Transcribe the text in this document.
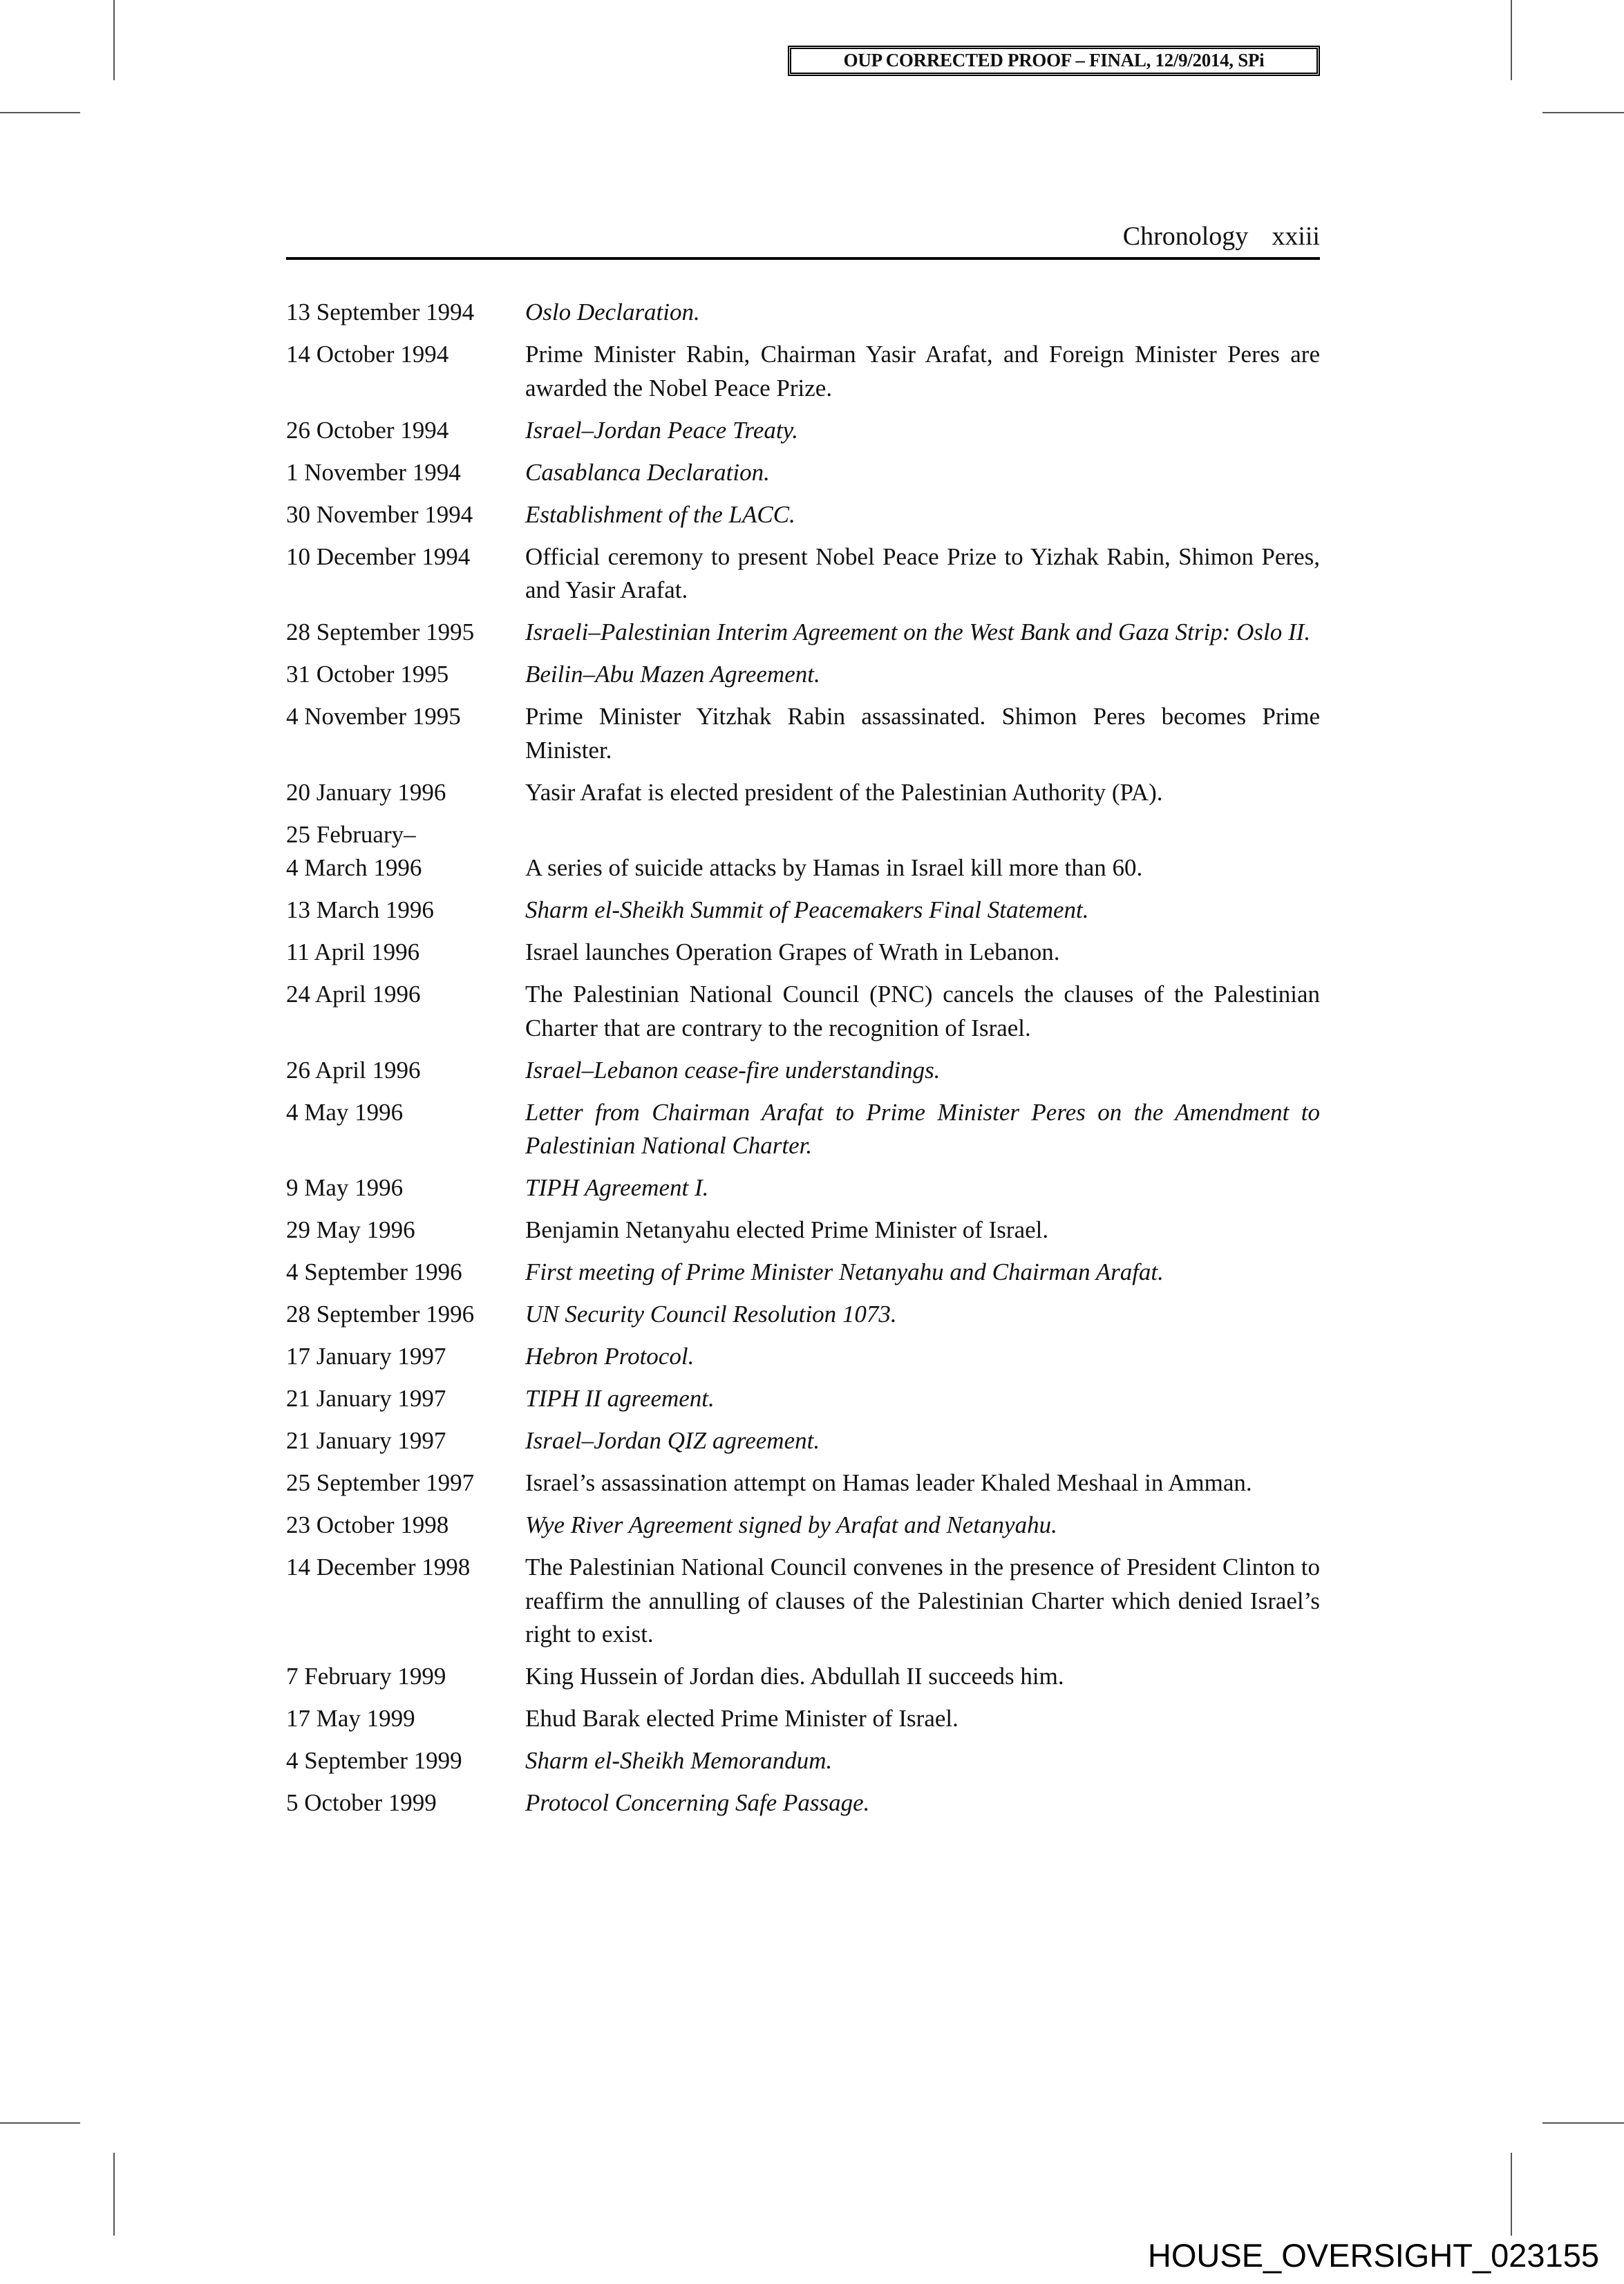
OUP CORRECTED PROOF – FINAL, 12/9/2014, SPi
Chronology xxiii
13 September 1994	Oslo Declaration.
14 October 1994	Prime Minister Rabin, Chairman Yasir Arafat, and Foreign Minister Peres are awarded the Nobel Peace Prize.
26 October 1994	Israel–Jordan Peace Treaty.
1 November 1994	Casablanca Declaration.
30 November 1994	Establishment of the LACC.
10 December 1994	Official ceremony to present Nobel Peace Prize to Yizhak Rabin, Shimon Peres, and Yasir Arafat.
28 September 1995	Israeli–Palestinian Interim Agreement on the West Bank and Gaza Strip: Oslo II.
31 October 1995	Beilin–Abu Mazen Agreement.
4 November 1995	Prime Minister Yitzhak Rabin assassinated. Shimon Peres becomes Prime Minister.
20 January 1996	Yasir Arafat is elected president of the Palestinian Authority (PA).
25 February–
4 March 1996	A series of suicide attacks by Hamas in Israel kill more than 60.
13 March 1996	Sharm el-Sheikh Summit of Peacemakers Final Statement.
11 April 1996	Israel launches Operation Grapes of Wrath in Lebanon.
24 April 1996	The Palestinian National Council (PNC) cancels the clauses of the Palestinian Charter that are contrary to the recognition of Israel.
26 April 1996	Israel–Lebanon cease-fire understandings.
4 May 1996	Letter from Chairman Arafat to Prime Minister Peres on the Amendment to Palestinian National Charter.
9 May 1996	TIPH Agreement I.
29 May 1996	Benjamin Netanyahu elected Prime Minister of Israel.
4 September 1996	First meeting of Prime Minister Netanyahu and Chairman Arafat.
28 September 1996	UN Security Council Resolution 1073.
17 January 1997	Hebron Protocol.
21 January 1997	TIPH II agreement.
21 January 1997	Israel–Jordan QIZ agreement.
25 September 1997	Israel’s assassination attempt on Hamas leader Khaled Meshaal in Amman.
23 October 1998	Wye River Agreement signed by Arafat and Netanyahu.
14 December 1998	The Palestinian National Council convenes in the presence of President Clinton to reaffirm the annulling of clauses of the Palestinian Charter which denied Israel’s right to exist.
7 February 1999	King Hussein of Jordan dies. Abdullah II succeeds him.
17 May 1999	Ehud Barak elected Prime Minister of Israel.
4 September 1999	Sharm el-Sheikh Memorandum.
5 October 1999	Protocol Concerning Safe Passage.
HOUSE_OVERSIGHT_023155
